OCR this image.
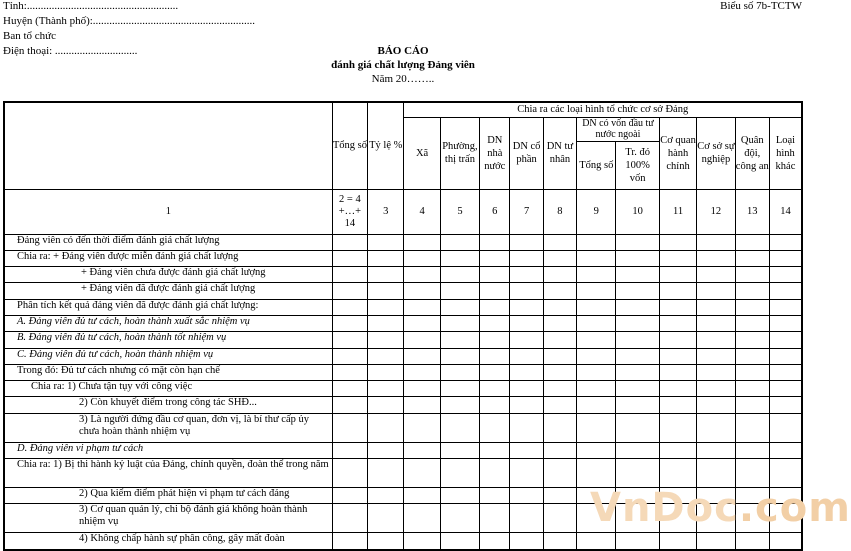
Tỉnh:.......................................................
Huyện (Thành phố):...........................................................
Ban tổ chức
Điện thoại: ..............................
Biểu số 7b-TCTW
BÁO CÁO
đánh giá chất lượng Đảng viên
Năm 20……..
	Tổng số	Tỷ lệ %	Chia ra các loại hình tổ chức cơ sở Đảng										
			Xã	Phường, thị trấn	DN nhà nước	DN cổ phần	DN tư nhân	DN có vốn đầu tư nước ngoài		Cơ quan hành chính	Cơ sở sự nghiệp	Quân đội, công an	Loại hình khác
								Tổng số	Tr. đó 100% vốn				
1	2 = 4 +…+ 14	3	4	5	6	7	8	9	10	11	12	13	14
Đảng viên có đến thời điểm đánh giá chất lượng													
Chia ra: + Đảng viên được miễn đánh giá chất lượng													
+ Đảng viên chưa được đánh giá chất lượng													
+ Đảng viên đã được đánh giá chất lượng													
Phân tích kết quả đảng viên đã được đánh giá chất lượng:													
A. Đảng viên đủ tư cách, hoàn thành xuất sắc nhiệm vụ													
B. Đảng viên đủ tư cách, hoàn thành tốt nhiệm vụ													
C. Đảng viên đủ tư cách, hoàn thành nhiệm vụ													
Trong đó: Đủ tư cách nhưng có mặt còn hạn chế													
Chia ra: 1) Chưa tận tụy với công việc													
2) Còn khuyết điểm trong công tác SHĐ...													
3) Là người đứng đầu cơ quan, đơn vị, là bí thư cấp ủy chưa hoàn thành nhiệm vụ													
D. Đảng viên vi phạm tư cách													
Chia ra: 1) Bị thi hành kỷ luật của Đảng, chính quyền, đoàn thể trong năm													
2) Qua kiểm điểm phát hiện vi phạm tư cách đảng													
3) Cơ quan quản lý, chi bộ đánh giá không hoàn thành nhiệm vụ													
4) Không chấp hành sự phân công, gây mất đoàn													
VnDoc.com
